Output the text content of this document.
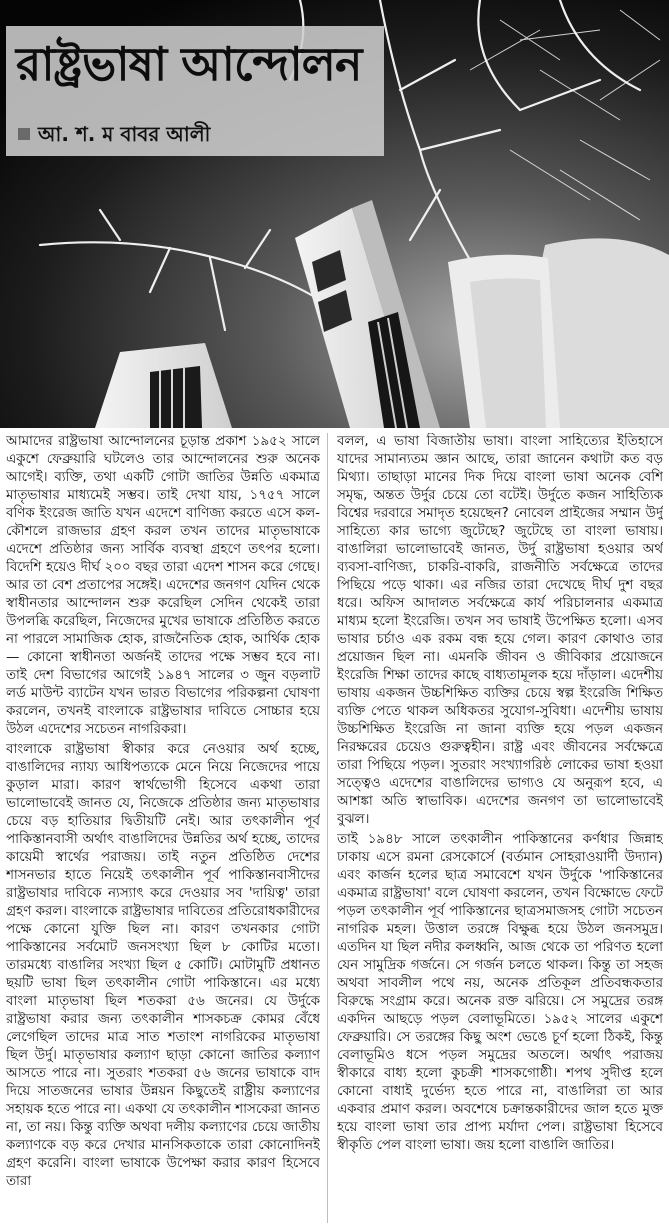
রাষ্ট্রভাষা আন্দোলন
আ. শ. ম বাবর আলী

আমাদের রাষ্ট্রভাষা আন্দোলনের চূড়ান্ত প্রকাশ ১৯৫২ সালে একুশে ফেব্রুয়ারি ঘটলেও তার আন্দোলনের শুরু অনেক আগেই। ব্যক্তি, তথা একটি গোটা জাতির উন্নতি একমাত্র মাতৃভাষার মাধ্যমেই সম্ভব। তাই দেখা যায়, ১৭৫৭ সালে বণিক ইংরেজ জাতি যখন এদেশে বাণিজ্য করতে এসে কল-কৌশলে রাজভার গ্রহণ করল তখন তাদের মাতৃভাষাকে এদেশে প্রতিষ্ঠার জন্য সার্বিক ব্যবস্থা গ্রহণে তৎপর হলো। বিদেশি হয়েও দীর্ঘ ২০০ বছর তারা এদেশ শাসন করে গেছে। আর তা বেশ প্রতাপের সঙ্গেই। এদেশের জনগণ যেদিন থেকে স্বাধীনতার আন্দোলন শুরু করেছিল সেদিন থেকেই তারা উপলব্ধি করেছিল, নিজেদের মুখের ভাষাকে প্রতিষ্ঠিত করতে না পারলে সামাজিক হোক, রাজনৈতিক হোক, আর্থিক হোক— কোনো স্বাধীনতা অর্জনই তাদের পক্ষে সম্ভব হবে না। তাই দেশ বিভাগের আগেই ১৯৪৭ সালের ৩ জুন বড়লাট লর্ড মাউন্ট ব্যাটেন যখন ভারত বিভাগের পরিকল্পনা ঘোষণা করলেন, তখনই বাংলাকে রাষ্ট্রভাষার দাবিতে সোচ্চার হয়ে উঠল এদেশের সচেতন নাগরিকরা।

বাংলাকে রাষ্ট্রভাষা স্বীকার করে নেওয়ার অর্থ হচ্ছে, বাঙালিদের ন্যায্য আধিপত্যকে মেনে নিয়ে নিজেদের পায়ে কুড়াল মারা। কারণ স্বার্থভোগী হিসেবে একথা তারা ভালোভাবেই জানত যে, নিজেকে প্রতিষ্ঠার জন্য মাতৃভাষার চেয়ে বড় হাতিয়ার দ্বিতীয়টি নেই। আর তৎকালীন পূর্ব পাকিস্তানবাসী অর্থাৎ বাঙালিদের উন্নতির অর্থ হচ্ছে, তাদের কায়েমী স্বার্থের পরাজয়। তাই নতুন প্রতিষ্ঠিত দেশের শাসনভার হাতে নিয়েই তৎকালীন পূর্ব পাকিস্তানবাসীদের রাষ্ট্রভাষার দাবিকে ন্যস্যাৎ করে দেওয়ার সব 'দায়িত্ব' তারা গ্রহণ করল। বাংলাকে রাষ্ট্রভাষার দাবিতের প্রতিরোধকারীদের পক্ষে কোনো যুক্তি ছিল না। কারণ তখনকার গোটা পাকিস্তানের সর্বমোট জনসংখ্যা ছিল ৮ কোটির মতো। তারমধ্যে বাঙালির সংখ্যা ছিল ৫ কোটি। মোটামুটি প্রধানত ছয়টি ভাষা ছিল তৎকালীন গোটা পাকিস্তানে। এর মধ্যে বাংলা মাতৃভাষা ছিল শতকরা ৫৬ জনের। যে উর্দুকে রাষ্ট্রভাষা করার জন্য তৎকালীন শাসকচক্র কোমর বেঁধে লেগেছিল তাদের মাত্র সাত শতাংশ নাগরিকের মাতৃভাষা ছিল উর্দু। মাতৃভাষার কল্যাণ ছাড়া কোনো জাতির কল্যাণ আসতে পারে না। সুতরাং শতকরা ৫৬ জনের ভাষাকে বাদ দিয়ে সাতজনের ভাষার উন্নয়ন কিছুতেই রাষ্ট্রীয় কল্যাণের সহায়ক হতে পারে না। একথা যে তৎকালীন শাসকেরা জানত না, তা নয়। কিন্তু ব্যক্তি অথবা দলীয় কল্যাণের চেয়ে জাতীয় কল্যাণকে বড় করে দেখার মানসিকতাকে তারা কোনোদিনই গ্রহণ করেনি। বাংলা ভাষাকে উপেক্ষা করার কারণ হিসেবে তারা

বলল, এ ভাষা বিজাতীয় ভাষা। বাংলা সাহিত্যের ইতিহাসে যাদের সামান্যতম জ্ঞান আছে, তারা জানেন কথাটা কত বড় মিথ্যা। তাছাড়া মানের দিক দিয়ে বাংলা ভাষা অনেক বেশি সমৃদ্ধ, অন্তত উর্দুর চেয়ে তো বটেই। উর্দুতে কজন সাহিত্যিক বিশ্বের দরবারে সমাদৃত হয়েছেন? নোবেল প্রাইজের সম্মান উর্দু সাহিত্যে কার ভাগ্যে জুটেছে? জুটেছে তা বাংলা ভাষায়। বাঙালিরা ভালোভাবেই জানত, উর্দু রাষ্ট্রভাষা হওয়ার অর্থ ব্যবসা-বাণিজ্য, চাকরি-বাকরি, রাজনীতি সর্বক্ষেত্রে তাদের পিছিয়ে পড়ে থাকা। এর নজির তারা দেখেছে দীর্ঘ দুশ বছর ধরে। অফিস আদালত সর্বক্ষেত্রে কার্য পরিচালনার একমাত্র মাধ্যম হলো ইংরেজি। তখন সব ভাষাই উপেক্ষিত হলো। এসব ভাষার চর্চাও এক রকম বন্ধ হয়ে গেল। কারণ কোথাও তার প্রয়োজন ছিল না। এমনকি জীবন ও জীবিকার প্রয়োজনে ইংরেজি শিক্ষা তাদের কাছে বাধ্যতামূলক হয়ে দাঁড়াল। এদেশীয় ভাষায় একজন উচ্চশিক্ষিত ব্যক্তির চেয়ে স্বল্প ইংরেজি শিক্ষিত ব্যক্তি পেতে থাকল অধিকতর সুযোগ-সুবিধা। এদেশীয় ভাষায় উচ্চশিক্ষিত ইংরেজি না জানা ব্যক্তি হয়ে পড়ল একজন নিরক্ষরের চেয়েও গুরুত্বহীন। রাষ্ট্র এবং জীবনের সর্বক্ষেত্রে তারা পিছিয়ে পড়ল। সুতরাং সংখ্যাগরিষ্ঠ লোকের ভাষা হওয়া সত্ত্বেও এদেশের বাঙালিদের ভাগ্যও যে অনুরূপ হবে, এ আশঙ্কা অতি স্বাভাবিক। এদেশের জনগণ তা ভালোভাবেই বুঝল।

তাই ১৯৪৮ সালে তৎকালীন পাকিস্তানের কর্ণধার জিন্নাহ ঢাকায় এসে রমনা রেসকোর্সে (বর্তমান সোহরাওয়ার্দী উদ্যান) এবং কার্জন হলের ছাত্র সমাবেশে যখন উর্দুকে 'পাকিস্তানের একমাত্র রাষ্ট্রভাষা' বলে ঘোষণা করলেন, তখন বিক্ষোভে ফেটে পড়ল তৎকালীন পূর্ব পাকিস্তানের ছাত্রসমাজসহ গোটা সচেতন নাগরিক মহল। উত্তাল তরঙ্গে বিক্ষুব্ধ হয়ে উঠল জনসমুদ্র। এতদিন যা ছিল নদীর কলধ্বনি, আজ থেকে তা পরিণত হলো যেন সামুদ্রিক গর্জনে। সে গর্জন চলতে থাকল। কিন্তু তা সহজ অথবা সাবলীল পথে নয়, অনেক প্রতিকূল প্রতিবন্ধকতার বিরুদ্ধে সংগ্রাম করে। অনেক রক্ত ঝরিয়ে। সে সমুদ্রের তরঙ্গ একদিন আছড়ে পড়ল বেলাভূমিতে। ১৯৫২ সালের একুশে ফেব্রুয়ারি। সে তরঙ্গের কিছু অংশ ভেঙে চূর্ণ হলো ঠিকই, কিন্তু বেলাভূমিও ধসে পড়ল সমুদ্রের অতলে। অর্থাৎ পরাজয় স্বীকারে বাধ্য হলো কুচক্রী শাসকগোষ্ঠী। শপথ সুদীপ্ত হলে কোনো বাধাই দুর্ভেদ্য হতে পারে না, বাঙালিরা তা আর একবার প্রমাণ করল। অবশেষে চক্রান্তকারীদের জাল হতে মুক্ত হয়ে বাংলা ভাষা তার প্রাপ্য মর্যাদা পেল। রাষ্ট্রভাষা হিসেবে স্বীকৃতি পেল বাংলা ভাষা। জয় হলো বাঙালি জাতির।
